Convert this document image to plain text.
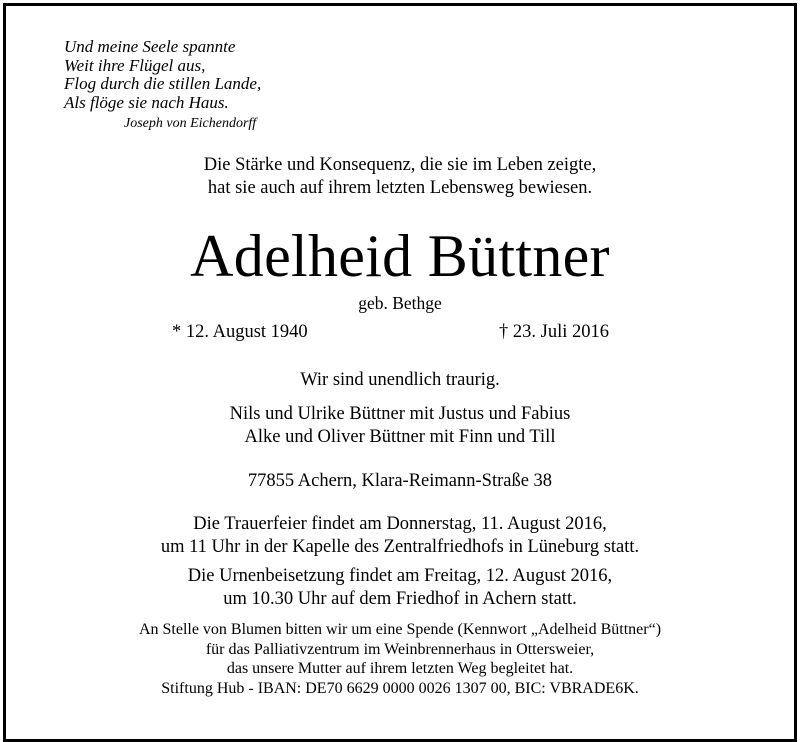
Und meine Seele spannte
Weit ihre Flügel aus,
Flog durch die stillen Lande,
Als flöge sie nach Haus.
Joseph von Eichendorff
Die Stärke und Konsequenz, die sie im Leben zeigte,
hat sie auch auf ihrem letzten Lebensweg bewiesen.
Adelheid Büttner
geb. Bethge
* 12. August 1940	† 23. Juli 2016
Wir sind unendlich traurig.
Nils und Ulrike Büttner mit Justus und Fabius
Alke und Oliver Büttner mit Finn und Till
77855 Achern, Klara-Reimann-Straße 38
Die Trauerfeier findet am Donnerstag, 11. August 2016,
um 11 Uhr in der Kapelle des Zentralfriedhofs in Lüneburg statt.
Die Urnenbeisetzung findet am Freitag, 12. August 2016,
um 10.30 Uhr auf dem Friedhof in Achern statt.
An Stelle von Blumen bitten wir um eine Spende (Kennwort „Adelheid Büttner“)
für das Palliativzentrum im Weinbrennerhaus in Ottersweier,
das unsere Mutter auf ihrem letzten Weg begleitet hat.
Stiftung Hub - IBAN: DE70 6629 0000 0026 1307 00, BIC: VBRADE6K.
